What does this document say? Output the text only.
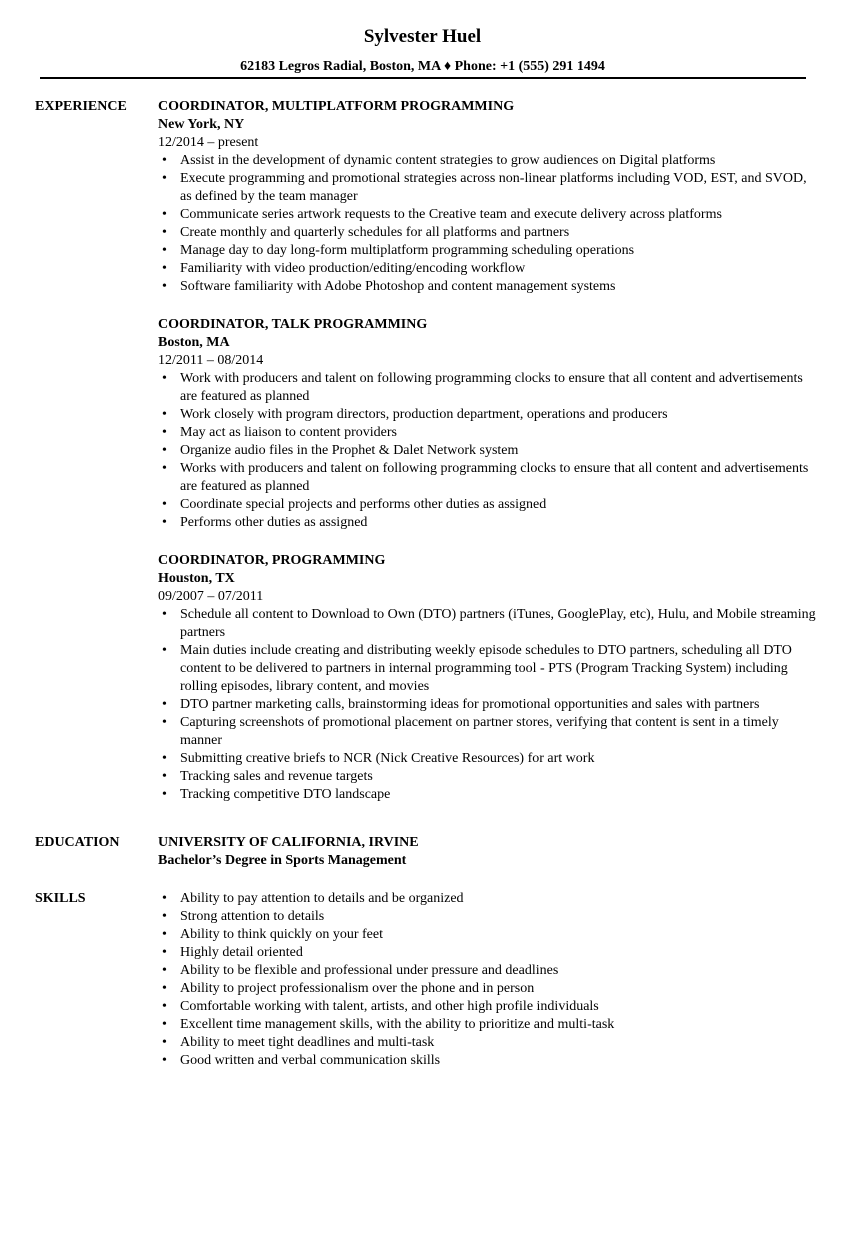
Sylvester Huel
62183 Legros Radial, Boston, MA ♦ Phone: +1 (555) 291 1494
EXPERIENCE COORDINATOR, MULTIPLATFORM PROGRAMMING
New York, NY
12/2014 – present
• Assist in the development of dynamic content strategies to grow audiences on Digital platforms
• Execute programming and promotional strategies across non-linear platforms including VOD, EST, and SVOD, as defined by the team manager
• Communicate series artwork requests to the Creative team and execute delivery across platforms
• Create monthly and quarterly schedules for all platforms and partners
• Manage day to day long-form multiplatform programming scheduling operations
• Familiarity with video production/editing/encoding workflow
• Software familiarity with Adobe Photoshop and content management systems
COORDINATOR, TALK PROGRAMMING
Boston, MA
12/2011 – 08/2014
• Work with producers and talent on following programming clocks to ensure that all content and advertisements are featured as planned
• Work closely with program directors, production department, operations and producers
• May act as liaison to content providers
• Organize audio files in the Prophet & Dalet Network system
• Works with producers and talent on following programming clocks to ensure that all content and advertisements are featured as planned
• Coordinate special projects and performs other duties as assigned
• Performs other duties as assigned
COORDINATOR, PROGRAMMING
Houston, TX
09/2007 – 07/2011
• Schedule all content to Download to Own (DTO) partners (iTunes, GooglePlay, etc), Hulu, and Mobile streaming partners
• Main duties include creating and distributing weekly episode schedules to DTO partners, scheduling all DTO content to be delivered to partners in internal programming tool - PTS (Program Tracking System) including rolling episodes, library content, and movies
• DTO partner marketing calls, brainstorming ideas for promotional opportunities and sales with partners
• Capturing screenshots of promotional placement on partner stores, verifying that content is sent in a timely manner
• Submitting creative briefs to NCR (Nick Creative Resources) for art work
• Tracking sales and revenue targets
• Tracking competitive DTO landscape
EDUCATION	UNIVERSITY OF CALIFORNIA, IRVINE
Bachelor’s Degree in Sports Management
SKILLS
•	Ability to pay attention to details and be organized
• Strong attention to details
• Ability to think quickly on your feet
• Highly detail oriented
• Ability to be flexible and professional under pressure and deadlines
• Ability to project professionalism over the phone and in person
• Comfortable working with talent, artists, and other high profile individuals
• Excellent time management skills, with the ability to prioritize and multi-task
• Ability to meet tight deadlines and multi-task
• Good written and verbal communication skills
